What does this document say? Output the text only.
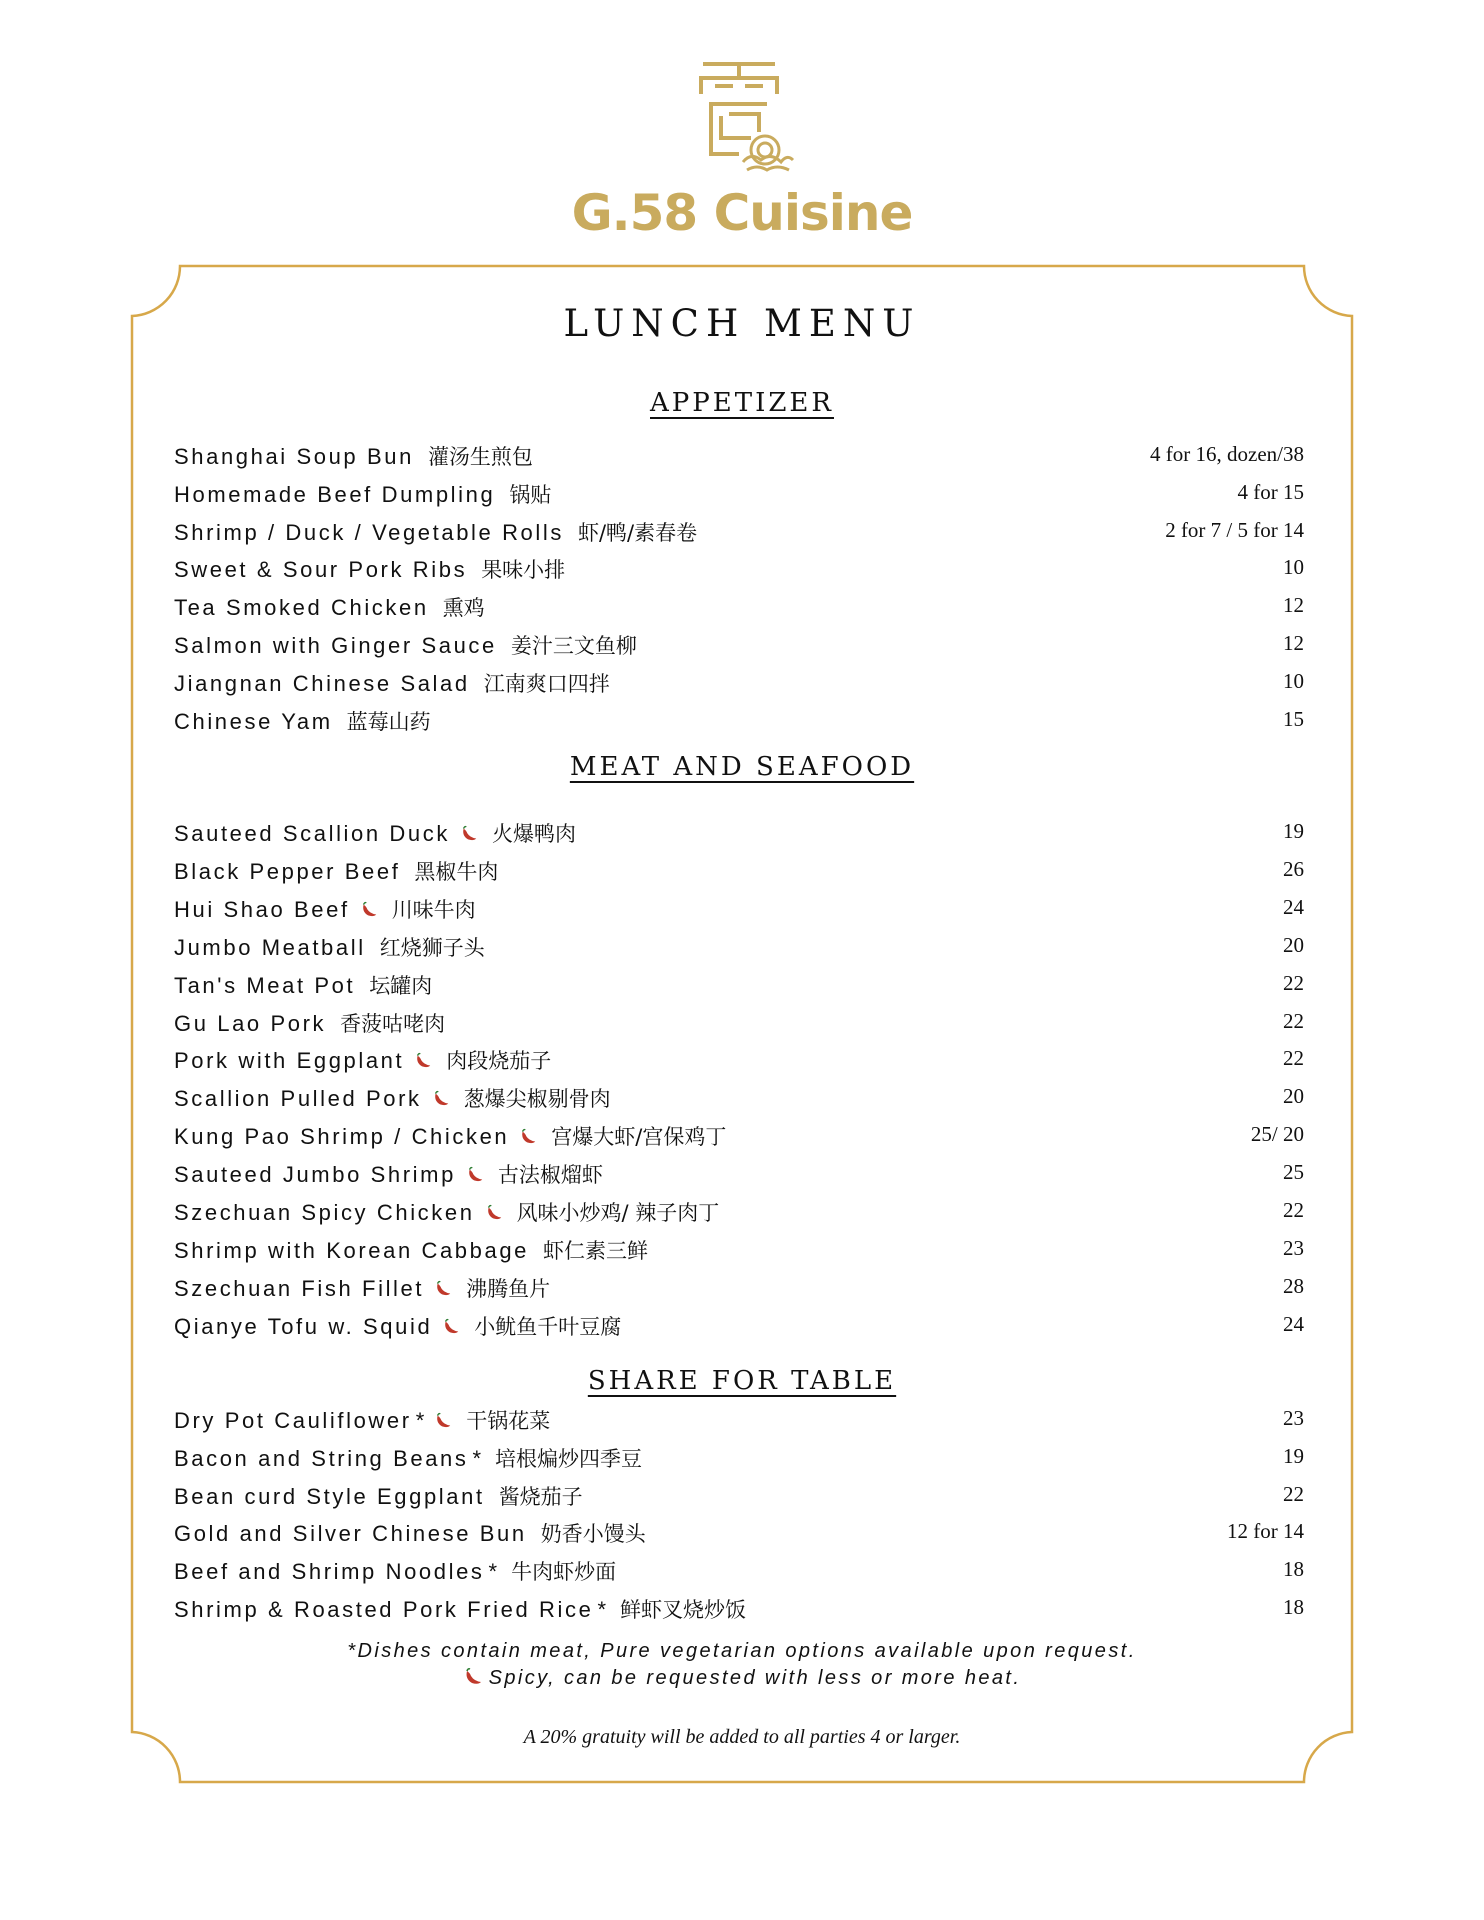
G.58 Cuisine
LUNCH MENU
APPETIZER
Shanghai Soup Bun 灌汤生煎包	4 for 16, dozen/38
Homemade Beef Dumpling 锅贴	4 for 15
Shrimp / Duck / Vegetable Rolls 虾/鸭/素春卷	2 for 7 / 5 for 14
Sweet & Sour Pork Ribs 果味小排	10
Tea Smoked Chicken 熏鸡	12
Salmon with Ginger Sauce 姜汁三文鱼柳	12
Jiangnan Chinese Salad 江南爽口四拌	10
Chinese Yam 蓝莓山药	15
MEAT AND SEAFOOD
Sauteed Scallion Duck 火爆鸭肉	19
Black Pepper Beef 黑椒牛肉	26
Hui Shao Beef 川味牛肉	24
Jumbo Meatball 红烧狮子头	20
Tan's Meat Pot 坛罐肉	22
Gu Lao Pork 香菠咕咾肉	22
Pork with Eggplant 肉段烧茄子	22
Scallion Pulled Pork 葱爆尖椒剔骨肉	20
Kung Pao Shrimp / Chicken 宫爆大虾/宫保鸡丁	25/ 20
Sauteed Jumbo Shrimp 古法椒熘虾	25
Szechuan Spicy Chicken 风味小炒鸡/ 辣子肉丁	22
Shrimp with Korean Cabbage 虾仁素三鲜	23
Szechuan Fish Fillet 沸腾鱼片	28
Qianye Tofu w. Squid 小鱿鱼千叶豆腐	24
SHARE FOR TABLE
Dry Pot Cauliflower * 干锅花菜	23
Bacon and String Beans * 培根煸炒四季豆	19
Bean curd Style Eggplant 酱烧茄子	22
Gold and Silver Chinese Bun 奶香小馒头	12 for 14
Beef and Shrimp Noodles * 牛肉虾炒面	18
Shrimp & Roasted Pork Fried Rice * 鲜虾叉烧炒饭	18
*Dishes contain meat, Pure vegetarian options available upon request.
Spicy, can be requested with less or more heat.
A 20% gratuity will be added to all parties 4 or larger.
